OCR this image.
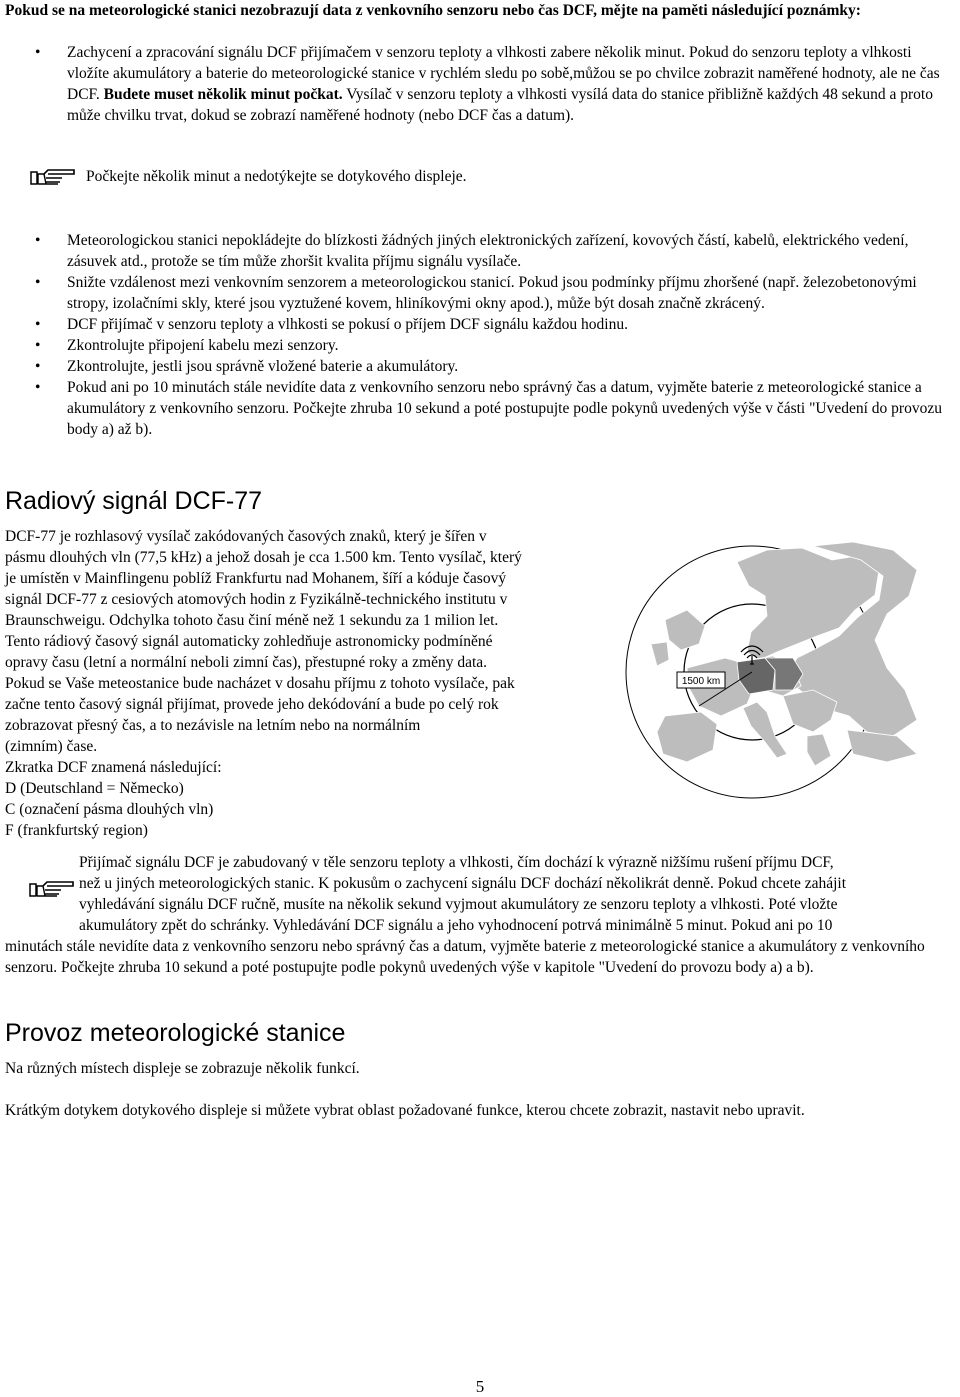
Pokud se na meteorologické stanici nezobrazují data z venkovního senzoru nebo čas DCF, mějte na paměti následující poznámky:
• Zachycení a zpracování signálu DCF přijímačem v senzoru teploty a vlhkosti zabere několik minut. Pokud do senzoru teploty a vlhkosti vložíte akumulátory a baterie do meteorologické stanice v rychlém sledu po sobě,můžou se po chvilce zobrazit naměřené hodnoty, ale ne čas DCF. Budete muset několik minut počkat. Vysílač v senzoru teploty a vlhkosti vysílá data do stanice přibližně každých 48 sekund a proto může chvilku trvat, dokud se zobrazí naměřené hodnoty (nebo DCF čas a datum).
Počkejte několik minut a nedotýkejte se dotykového displeje.
• Meteorologickou stanici nepokládejte do blízkosti žádných jiných elektronických zařízení, kovových částí, kabelů, elektrického vedení, zásuvek atd., protože se tím může zhoršit kvalita příjmu signálu vysílače.
• Snižte vzdálenost mezi venkovním senzorem a meteorologickou stanicí. Pokud jsou podmínky příjmu zhoršené (např. železobetonovými stropy, izolačními skly, které jsou vyztužené kovem, hliníkovými okny apod.), může být dosah značně zkrácený.
• DCF přijímač v senzoru teploty a vlhkosti se pokusí o příjem DCF signálu každou hodinu.
• Zkontrolujte připojení kabelu mezi senzory.
• Zkontrolujte, jestli jsou správně vložené baterie a akumulátory.
• Pokud ani po 10 minutách stále nevidíte data z venkovního senzoru nebo správný čas a datum, vyjměte baterie z meteorologické stanice a akumulátory z venkovního senzoru. Počkejte zhruba 10 sekund a poté postupujte podle pokynů uvedených výše v části "Uvedení do provozu body a) až b).
Radiový signál DCF-77
DCF-77 je rozhlasový vysílač zakódovaných časových znaků, který je šířen v
pásmu dlouhých vln (77,5 kHz) a jehož dosah je cca 1.500 km. Tento vysílač, který
je umístěn v Mainflingenu poblíž Frankfurtu nad Mohanem, šíří a kóduje časový
signál DCF-77 z cesiových atomových hodin z Fyzikálně-technického institutu v
Braunschweigu. Odchylka tohoto času činí méně než 1 sekundu za 1 milion let.
Tento rádiový časový signál automaticky zohledňuje astronomicky podmíněné
opravy času (letní a normální neboli zimní čas), přestupné roky a změny data.
Pokud se Vaše meteostanice bude nacházet v dosahu příjmu z tohoto vysílače, pak
začne tento časový signál přijímat, provede jeho dekódování a bude po celý rok
zobrazovat přesný čas, a to nezávisle na letním nebo na normálním
(zimním) čase.
Zkratka DCF znamená následující:
D (Deutschland = Německo)
C (označení pásma dlouhých vln)
F (frankfurtský region)
1500 km
Přijímač signálu DCF je zabudovaný v těle senzoru teploty a vlhkosti, čím dochází k výrazně nižšímu rušení příjmu DCF,
než u jiných meteorologických stanic. K pokusům o zachycení signálu DCF dochází několikrát denně. Pokud chcete zahájit
vyhledávání signálu DCF ručně, musíte na několik sekund vyjmout akumulátory ze senzoru teploty a vlhkosti. Poté vložte
akumulátory zpět do schránky. Vyhledávání DCF signálu a jeho vyhodnocení potrvá minimálně 5 minut. Pokud ani po 10
minutách stále nevidíte data z venkovního senzoru nebo správný čas a datum, vyjměte baterie z meteorologické stanice a akumulátory z venkovního senzoru. Počkejte zhruba 10 sekund a poté postupujte podle pokynů uvedených výše v kapitole "Uvedení do provozu body a) a b).
Provoz meteorologické stanice
Na různých místech displeje se zobrazuje několik funkcí.
Krátkým dotykem dotykového displeje si můžete vybrat oblast požadované funkce, kterou chcete zobrazit, nastavit nebo upravit.
5
